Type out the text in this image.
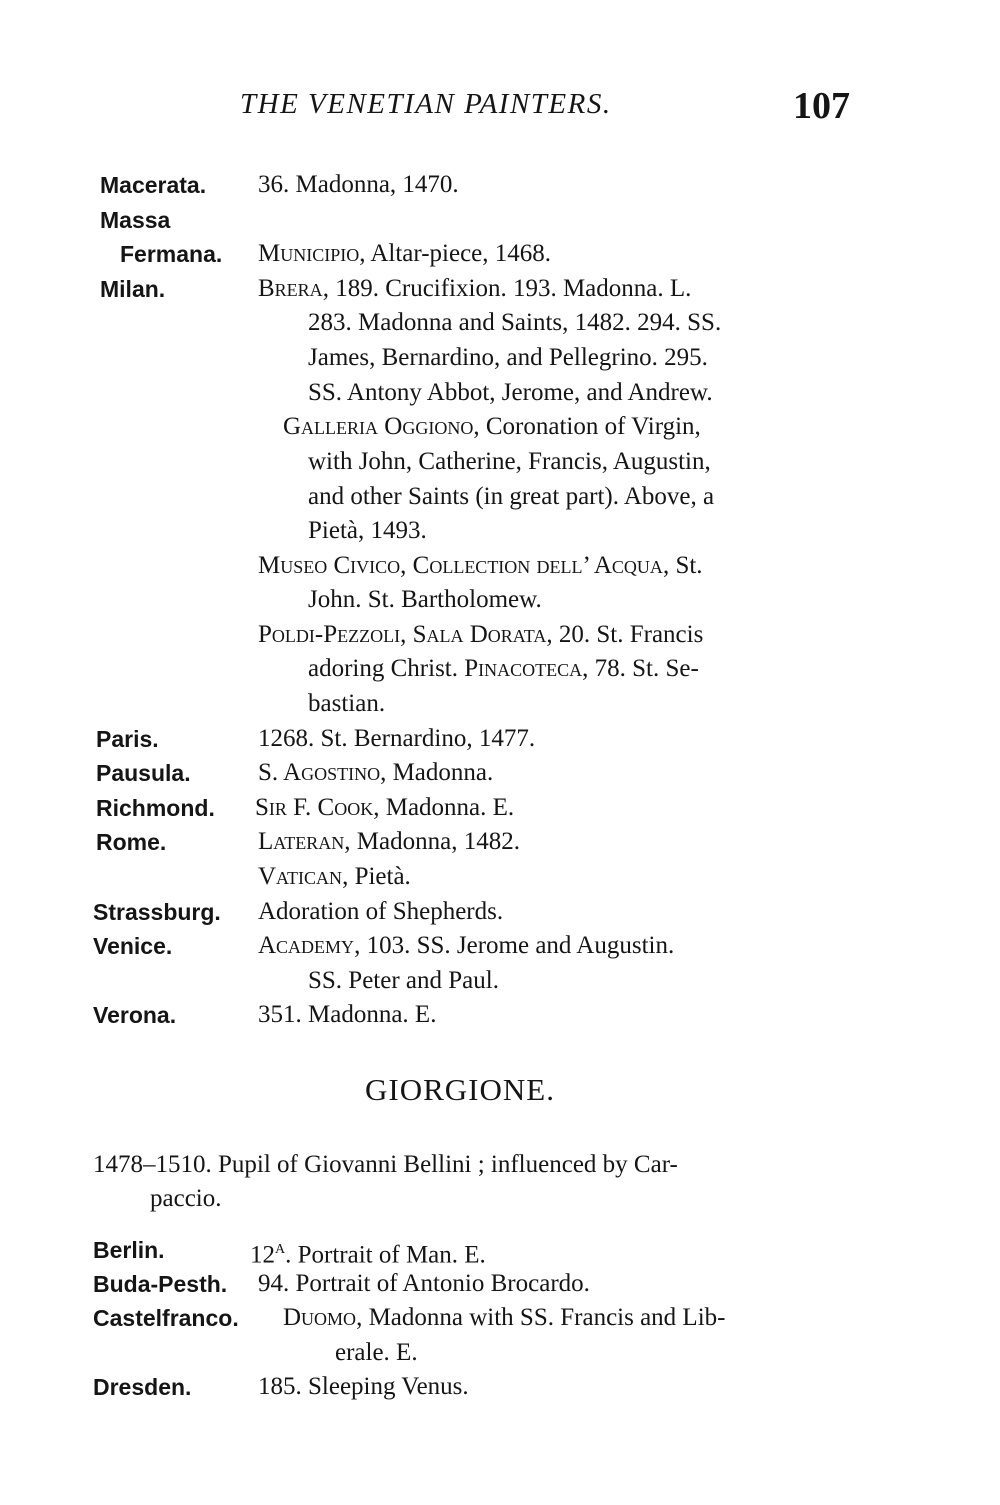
THE VENETIAN PAINTERS.	107
Macerata. 36. Madonna, 1470.
Massa
Fermana. Municipio, Altar-piece, 1468.
Milan.	Brera, 189. Crucifixion. 193. Madonna. L.
283. Madonna and Saints, 1482. 294. SS.
James, Bernardino, and Pellegrino. 295.
SS. Antony Abbot, Jerome, and Andrew.
Galleria Oggiono, Coronation of Virgin,
with John, Catherine, Francis, Augustin,
and other Saints (in great part). Above, a
Pietà, 1493.
Museo Civico, Collection dell’ Acqua, St.
John. St. Bartholomew.
Poldi-Pezzoli, Sala Dorata, 20. St. Francis
adoring Christ. Pinacoteca, 78. St. Se-
bastian.
Paris.	1268. St. Bernardino, 1477.
Pausula.	S. Agostino, Madonna.
Richmond. Sir F. Cook, Madonna. E.
Rome.	Lateran, Madonna, 1482.
Vatican, Pietà.
Strassburg. Adoration of Shepherds.
Venice.	Academy, 103. SS. Jerome and Augustin.
SS. Peter and Paul.
Verona.	351. Madonna. E.
GIORGIONE.
1478–1510. Pupil of Giovanni Bellini ; influenced by Car-
paccio.
Berlin.	$12^A$. Portrait of Man. E.
Buda-Pesth. 94. Portrait of Antonio Brocardo.
Castelfranco. Duomo, Madonna with SS. Francis and Lib-
erale. E.
Dresden.	185. Sleeping Venus.
